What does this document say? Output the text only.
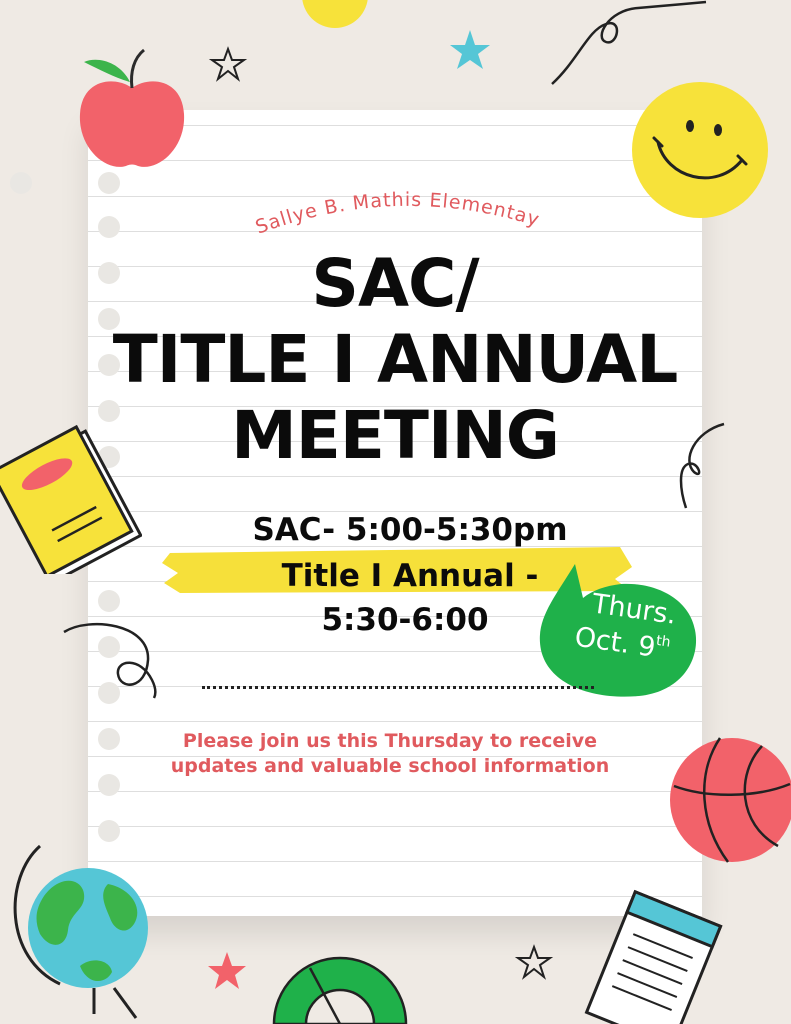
Sallye B. Mathis Elementay
SAC/
TITLE I ANNUAL
MEETING
SAC- 5:00-5:30pm
Title I Annual -
5:30-6:00	Thurs.
Oct. 9th
Please join us this Thursday to receive
updates and valuable school information
